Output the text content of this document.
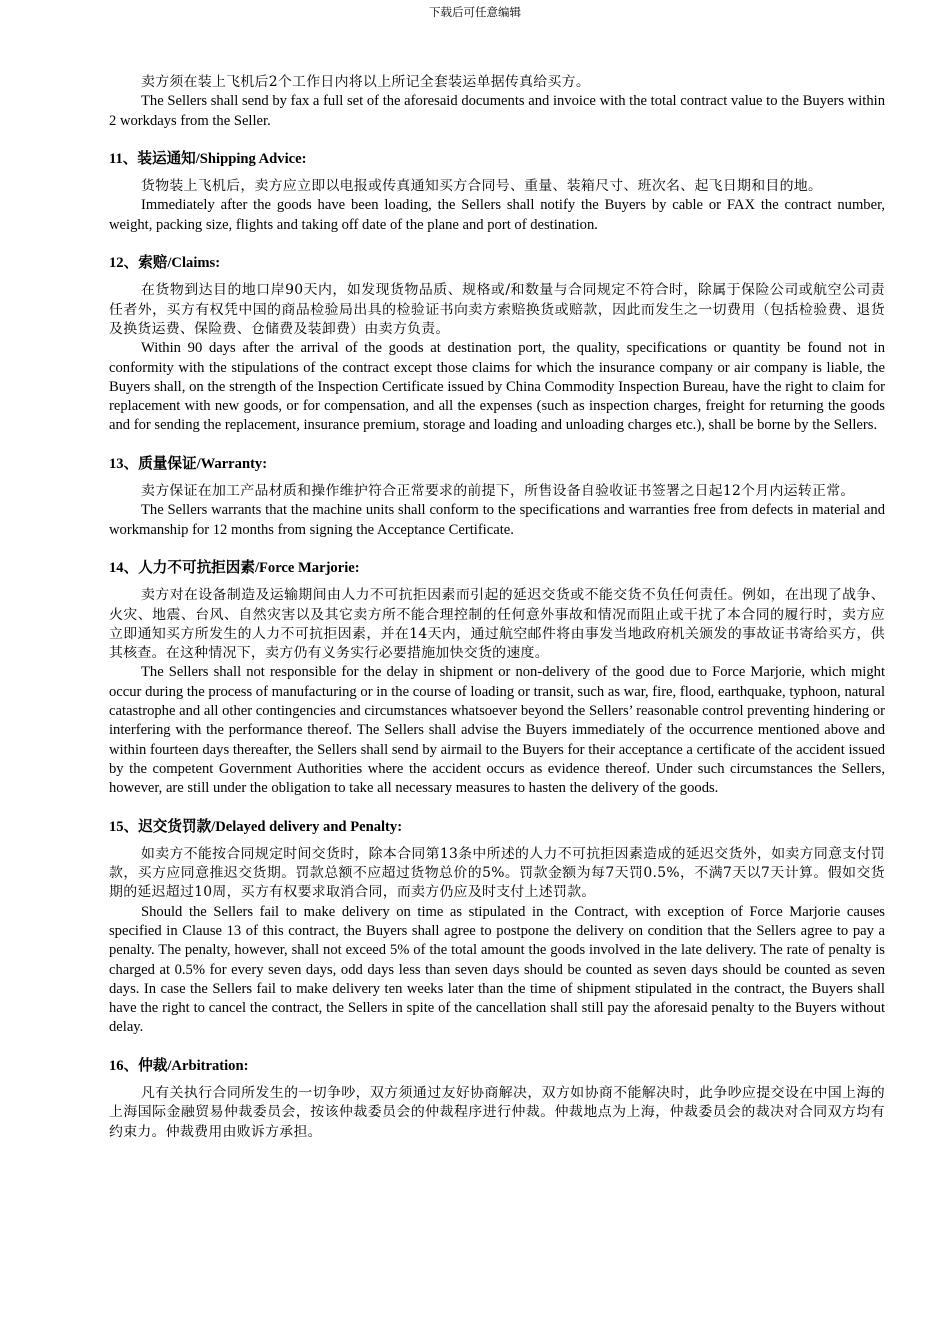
下载后可任意编辑

卖方须在装上飞机后2个工作日内将以上所记全套装运单据传真给买方。

The Sellers shall send by fax a full set of the aforesaid documents and invoice with the total contract value to the Buyers within 2 workdays from the Seller.

11、装运通知/Shipping Advice:

货物装上飞机后，卖方应立即以电报或传真通知买方合同号、重量、装箱尺寸、班次名、起飞日期和目的地。

Immediately after the goods have been loading, the Sellers shall notify the Buyers by cable or FAX the contract number, weight, packing size, flights and taking off date of the plane and port of destination.

12、索赔/Claims:

在货物到达目的地口岸90天内，如发现货物品质、规格或/和数量与合同规定不符合时，除属于保险公司或航空公司责任者外，买方有权凭中国的商品检验局出具的检验证书向卖方索赔换货或赔款，因此而发生之一切费用（包括检验费、退货及换货运费、保险费、仓储费及装卸费）由卖方负责。

Within 90 days after the arrival of the goods at destination port, the quality, specifications or quantity be found not in conformity with the stipulations of the contract except those claims for which the insurance company or air company is liable, the Buyers shall, on the strength of the Inspection Certificate issued by China Commodity Inspection Bureau, have the right to claim for replacement with new goods, or for compensation, and all the expenses (such as inspection charges, freight for returning the goods and for sending the replacement, insurance premium, storage and loading and unloading charges etc.), shall be borne by the Sellers.

13、质量保证/Warranty:

卖方保证在加工产品材质和操作维护符合正常要求的前提下，所售设备自验收证书签署之日起12个月内运转正常。

The Sellers warrants that the machine units shall conform to the specifications and warranties free from defects in material and workmanship for 12 months from signing the Acceptance Certificate.

14、人力不可抗拒因素/Force Marjorie:

卖方对在设备制造及运输期间由人力不可抗拒因素而引起的延迟交货或不能交货不负任何责任。例如，在出现了战争、火灾、地震、台风、自然灾害以及其它卖方所不能合理控制的任何意外事故和情况而阻止或干扰了本合同的履行时，卖方应立即通知买方所发生的人力不可抗拒因素，并在14天内，通过航空邮件将由事发当地政府机关颁发的事故证书寄给买方，供其核查。在这种情况下，卖方仍有义务实行必要措施加快交货的速度。

The Sellers shall not responsible for the delay in shipment or non-delivery of the good due to Force Marjorie, which might occur during the process of manufacturing or in the course of loading or transit, such as war, fire, flood, earthquake, typhoon, natural catastrophe and all other contingencies and circumstances whatsoever beyond the Sellers’ reasonable control preventing hindering or interfering with the performance thereof. The Sellers shall advise the Buyers immediately of the occurrence mentioned above and within fourteen days thereafter, the Sellers shall send by airmail to the Buyers for their acceptance a certificate of the accident issued by the competent Government Authorities where the accident occurs as evidence thereof. Under such circumstances the Sellers, however, are still under the obligation to take all necessary measures to hasten the delivery of the goods.

15、迟交货罚款/Delayed delivery and Penalty:

如卖方不能按合同规定时间交货时，除本合同第13条中所述的人力不可抗拒因素造成的延迟交货外，如卖方同意支付罚款，买方应同意推迟交货期。罚款总额不应超过货物总价的5%。罚款金额为每7天罚0.5%，不满7天以7天计算。假如交货期的延迟超过10周，买方有权要求取消合同，而卖方仍应及时支付上述罚款。

Should the Sellers fail to make delivery on time as stipulated in the Contract, with exception of Force Marjorie causes specified in Clause 13 of this contract, the Buyers shall agree to postpone the delivery on condition that the Sellers agree to pay a penalty. The penalty, however, shall not exceed 5% of the total amount the goods involved in the late delivery. The rate of penalty is charged at 0.5% for every seven days, odd days less than seven days should be counted as seven days should be counted as seven days. In case the Sellers fail to make delivery ten weeks later than the time of shipment stipulated in the contract, the Buyers shall have the right to cancel the contract, the Sellers in spite of the cancellation shall still pay the aforesaid penalty to the Buyers without delay.

16、仲裁/Arbitration:

凡有关执行合同所发生的一切争吵，双方须通过友好协商解决，双方如协商不能解决时，此争吵应提交设在中国上海的上海国际金融贸易仲裁委员会，按该仲裁委员会的仲裁程序进行仲裁。仲裁地点为上海，仲裁委员会的裁决对合同双方均有约束力。仲裁费用由败诉方承担。
